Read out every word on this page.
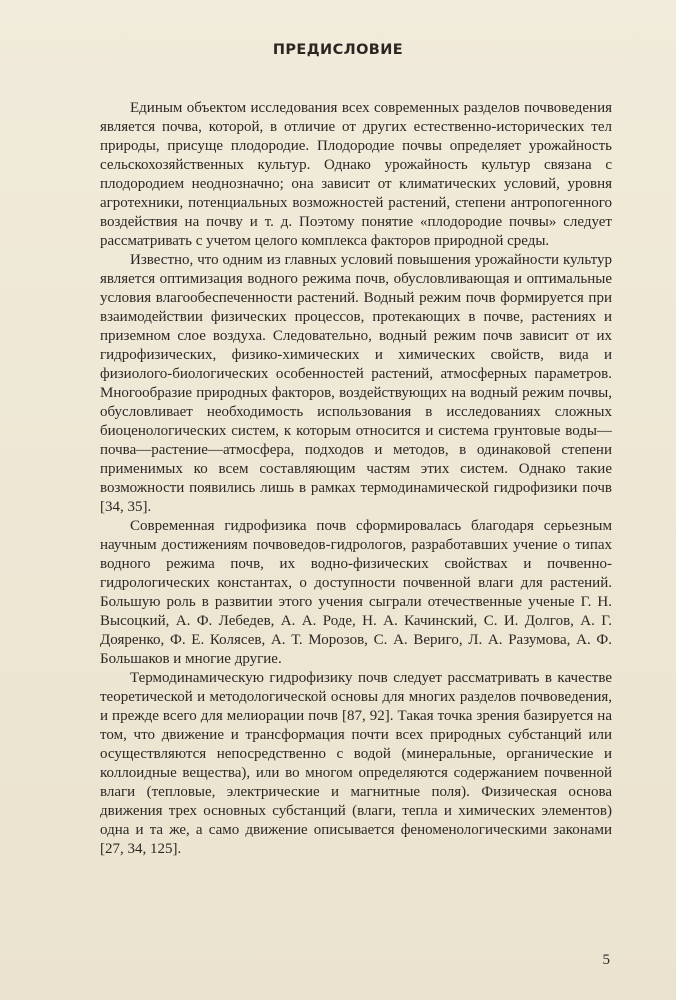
ПРЕДИСЛОВИЕ

Единым объектом исследования всех современных разделов почвоведения является почва, которой, в отличие от других естественно-исторических тел природы, присуще плодородие. Плодородие почвы определяет урожайность сельскохозяйственных культур. Однако урожайность культур связана с плодородием неоднозначно; она зависит от климатических условий, уровня агротехники, потенциальных возможностей растений, степени антропогенного воздействия на почву и т. д. Поэтому понятие «плодородие почвы» следует рассматривать с учетом целого комплекса факторов природной среды.

Известно, что одним из главных условий повышения урожайности культур является оптимизация водного режима почв, обусловливающая и оптимальные условия влагообеспеченности растений. Водный режим почв формируется при взаимодействии физических процессов, протекающих в почве, растениях и приземном слое воздуха. Следовательно, водный режим почв зависит от их гидрофизических, физико-химических и химических свойств, вида и физиолого-биологических особенностей растений, атмосферных параметров. Многообразие природных факторов, воздействующих на водный режим почвы, обусловливает необходимость использования в исследованиях сложных биоценологических систем, к которым относится и система грунтовые воды—почва—растение—атмосфера, подходов и методов, в одинаковой степени применимых ко всем составляющим частям этих систем. Однако такие возможности появились лишь в рамках термодинамической гидрофизики почв [34, 35].

Современная гидрофизика почв сформировалась благодаря серьезным научным достижениям почвоведов-гидрологов, разработавших учение о типах водного режима почв, их водно-физических свойствах и почвенно-гидрологических константах, о доступности почвенной влаги для растений. Большую роль в развитии этого учения сыграли отечественные ученые Г. Н. Высоцкий, А. Ф. Лебедев, А. А. Роде, Н. А. Качинский, С. И. Долгов, А. Г. Дояренко, Ф. Е. Колясев, А. Т. Морозов, С. А. Вериго, Л. А. Разумова, А. Ф. Большаков и многие другие.

Термодинамическую гидрофизику почв следует рассматривать в качестве теоретической и методологической основы для многих разделов почвоведения, и прежде всего для мелиорации почв [87, 92]. Такая точка зрения базируется на том, что движение и трансформация почти всех природных субстанций или осуществляются непосредственно с водой (минеральные, органические и коллоидные вещества), или во многом определяются содержанием почвенной влаги (тепловые, электрические и магнитные поля). Физическая основа движения трех основных субстанций (влаги, тепла и химических элементов) одна и та же, а само движение описывается феноменологическими законами [27, 34, 125].

5
